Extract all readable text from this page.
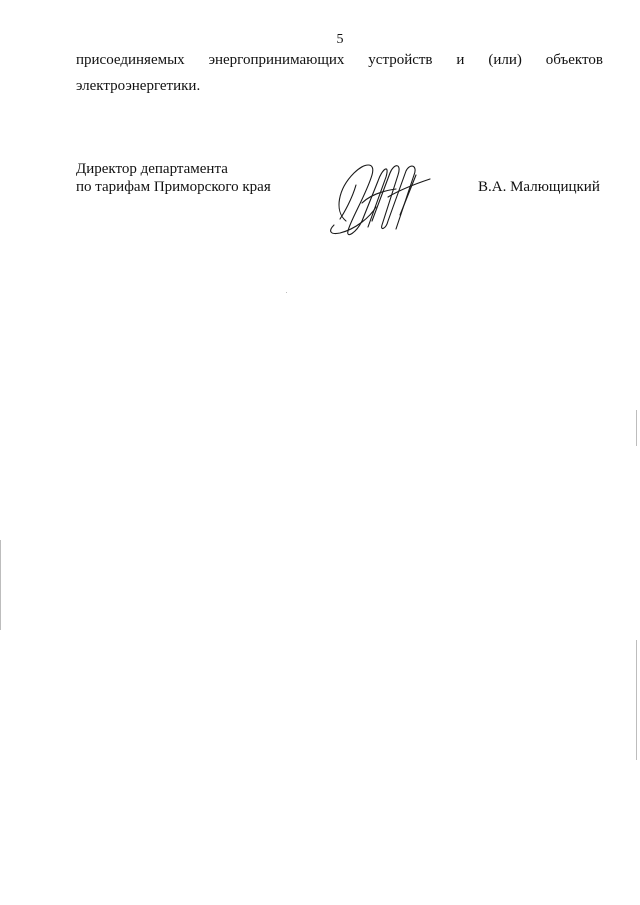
5
присоединяемых энергопринимающих устройств и (или) объектов
электроэнергетики.
Директор департамента
по тарифам Приморского края	В.А. Малющицкий
